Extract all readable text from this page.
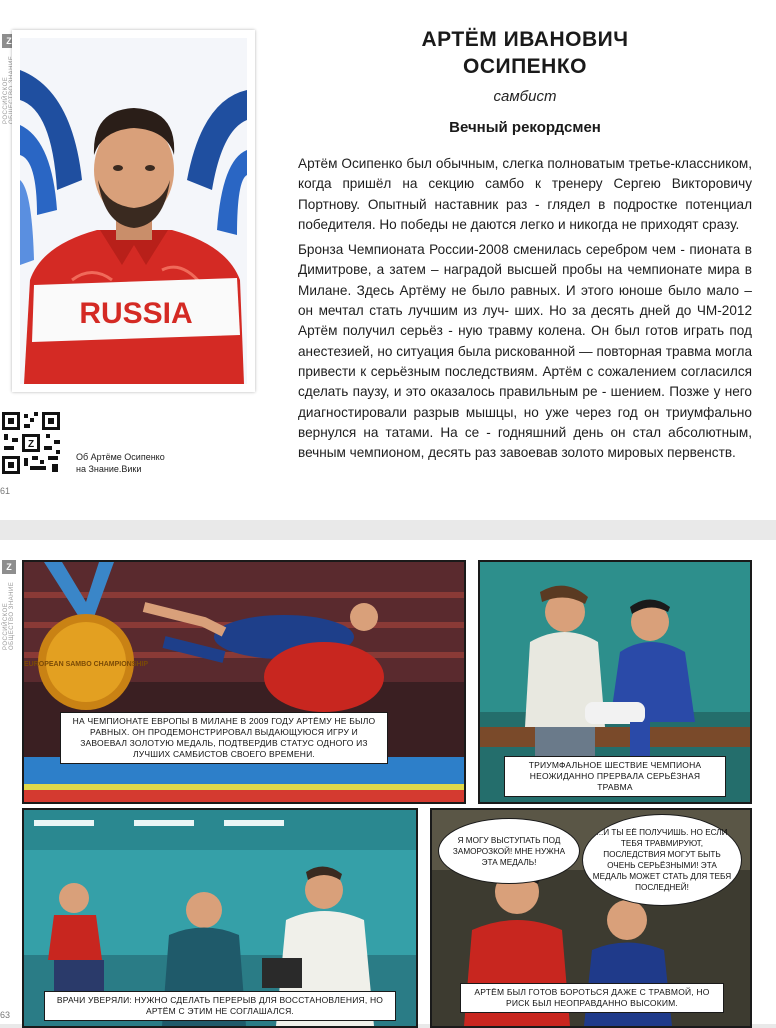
Z
РОССИЙСКОЕ
RUSSIA
Z
Об Артёме Осипенко
на Знание.Вики
61
АРТЁМ ИВАНОВИЧ
ОСИПЕНКО
самбист
Вечный рекордсмен

Артём Осипенко был обычным, слегка полноватым третье-классником, когда пришёл на секцию самбо к тренеру Сергею Викторовичу Портнову. Опытный наставник раз - глядел в подростке потенциал победителя. Но победы не даются легко и никогда не приходят сразу.

Бронза Чемпионата России-2008 сменилась серебром чем - пионата в Димитрове, а затем – наградой высшей пробы на чемпионате мира в Милане. Здесь Артёму не было равных. И этого юноше было мало – он мечтал стать лучшим из луч- ших. Но за десять дней до ЧМ-2012 Артём получил серьёз - ную травму колена. Он был готов играть под анестезией, но ситуация была рискованной — повторная травма могла привести к серьёзным последствиям. Артём с сожалением согласился сделать паузу, и это оказалось правильным ре - шением. Позже у него диагностировали разрыв мышцы, но уже через год он триумфально вернулся на татами. На се - годняшний день он стал абсолютным, вечным чемпионом, десять раз завоевав золото мировых первенств.

Z
РОССИЙСКОЕ ОБЩЕСТВО ЗНАНИЕ
63
EUROPEAN SAMBO CHAMPIONSHIP
НА ЧЕМПИОНАТЕ ЕВРОПЫ В МИЛАНЕ В 2009 ГОДУ АРТЁМУ НЕ БЫЛО РАВНЫХ. ОН ПРОДЕМОНСТРИРОВАЛ ВЫДАЮЩУЮСЯ ИГРУ И ЗАВОЕВАЛ ЗОЛОТУЮ МЕДАЛЬ, ПОДТВЕРДИВ СТАТУС ОДНОГО ИЗ ЛУЧШИХ САМБИСТОВ СВОЕГО ВРЕМЕНИ.
ТРИУМФАЛЬНОЕ ШЕСТВИЕ ЧЕМПИОНА НЕОЖИДАННО ПРЕРВАЛА СЕРЬЁЗНАЯ ТРАВМА
ВРАЧИ УВЕРЯЛИ: НУЖНО СДЕЛАТЬ ПЕРЕРЫВ ДЛЯ ВОССТАНОВЛЕНИЯ, НО АРТЁМ С ЭТИМ НЕ СОГЛАШАЛСЯ.
Я МОГУ ВЫСТУПАТЬ ПОД ЗАМОРОЗКОЙ! МНЕ НУЖНА ЭТА МЕДАЛЬ!
...И ТЫ ЕЁ ПОЛУЧИШЬ. НО ЕСЛИ ТЕБЯ ТРАВМИРУЮТ, ПОСЛЕДСТВИЯ МОГУТ БЫТЬ ОЧЕНЬ СЕРЬЁЗНЫМИ! ЭТА МЕДАЛЬ МОЖЕТ СТАТЬ ДЛЯ ТЕБЯ ПОСЛЕДНЕЙ!
АРТЁМ БЫЛ ГОТОВ БОРОТЬСЯ ДАЖЕ С ТРАВМОЙ, НО РИСК БЫЛ НЕОПРАВДАННО ВЫСОКИМ.
